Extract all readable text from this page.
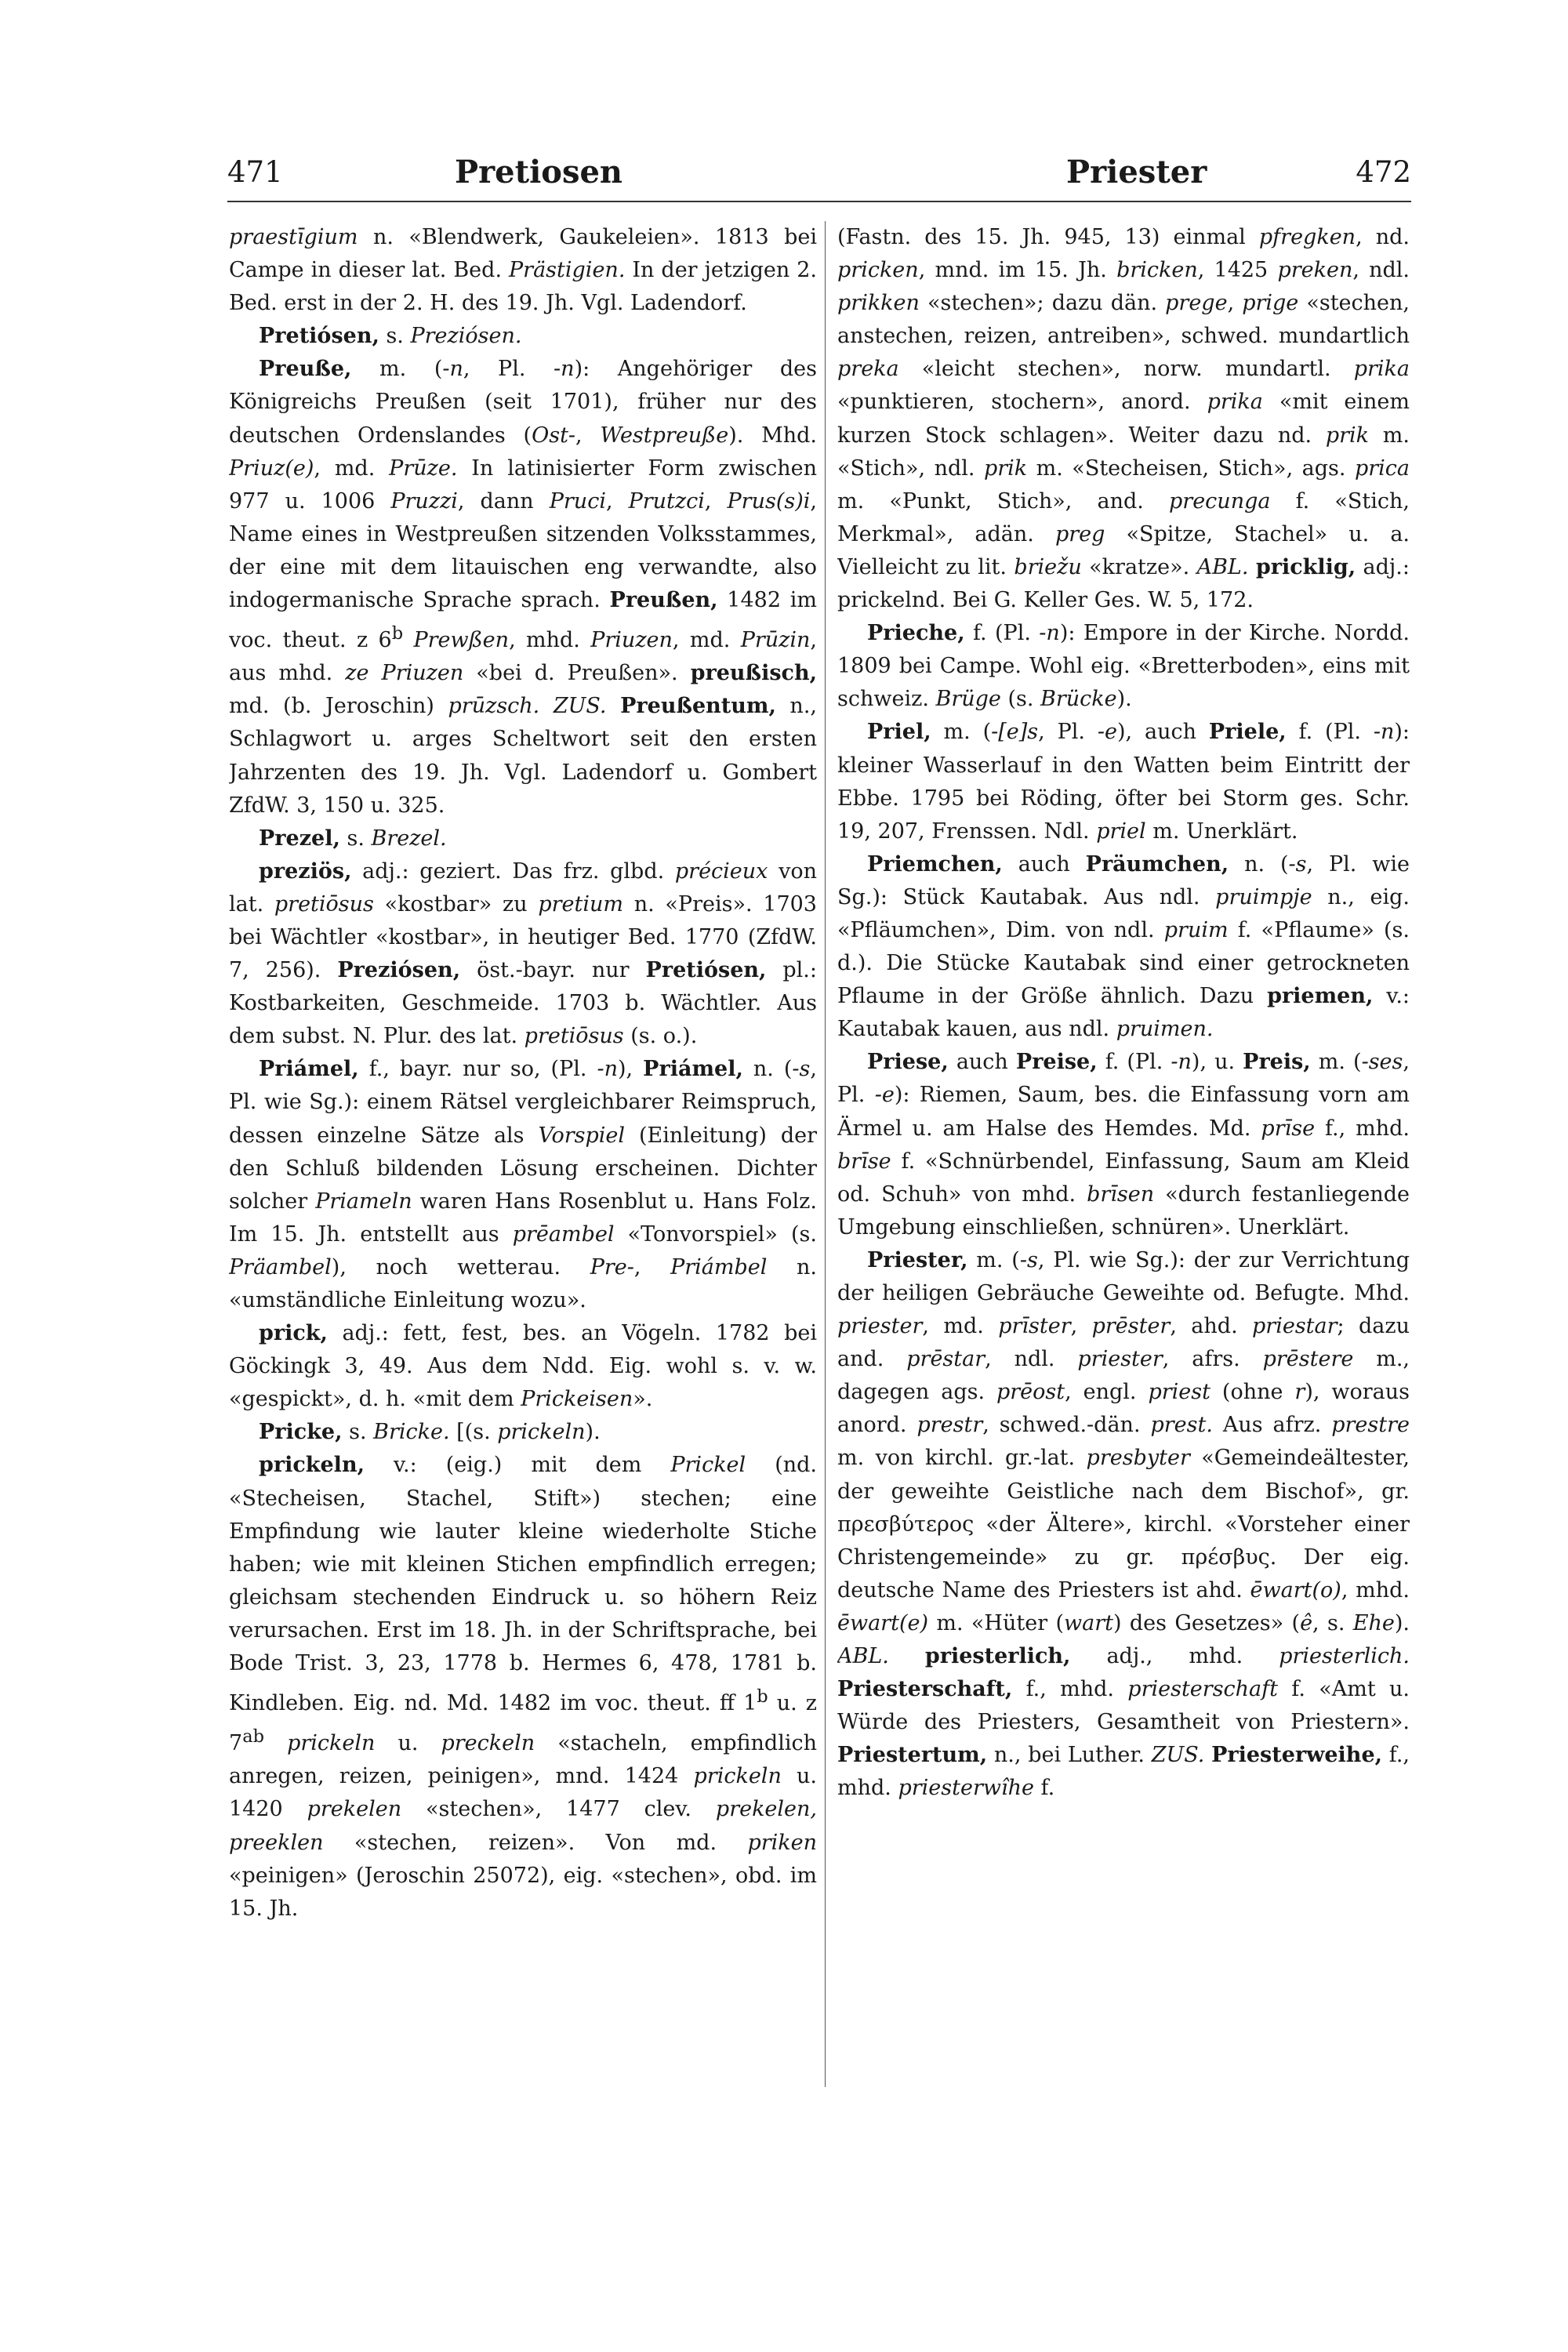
471	Pretiosen	Priester	472

praestīgium n. «Blendwerk, Gaukeleien». 1813 bei Campe in dieser lat. Bed. Prästigien. In der jetzigen 2. Bed. erst in der 2. H. des 19. Jh. Vgl. Ladendorf.

Pretiósen, s. Preziósen.

Preuße, m. (-n, Pl. -n): Angehöriger des Königreichs Preußen (seit 1701), früher nur des deutschen Ordenslandes (Ost-, Westpreuße). Mhd. Priuz(e), md. Prūze. In latinisierter Form zwischen 977 u. 1006 Pruzzi, dann Pruci, Prutzci, Prus(s)i, Name eines in Westpreußen sitzenden Volksstammes, der eine mit dem litauischen eng verwandte, also indogermanische Sprache sprach. Preußen, 1482 im voc. theut. z 6$^b$ Prewßen, mhd. Priuzen, md. Prūzin, aus mhd. ze Priuzen «bei d. Preußen». preußisch, md. (b. Jeroschin) prūzsch. ZUS. Preußentum, n., Schlagwort u. arges Scheltwort seit den ersten Jahrzenten des 19. Jh. Vgl. Ladendorf u. Gombert ZfdW. 3, 150 u. 325.

Prezel, s. Brezel.

preziös, adj.: geziert. Das frz. glbd. précieux von lat. pretiōsus «kostbar» zu pretium n. «Preis». 1703 bei Wächtler «kostbar», in heutiger Bed. 1770 (ZfdW. 7, 256). Preziósen, öst.-bayr. nur Pretiósen, pl.: Kostbarkeiten, Geschmeide. 1703 b. Wächtler. Aus dem subst. N. Plur. des lat. pretiōsus (s. o.).

Priámel, f., bayr. nur so, (Pl. -n), Priámel, n. (-s, Pl. wie Sg.): einem Rätsel vergleichbarer Reimspruch, dessen einzelne Sätze als Vorspiel (Einleitung) der den Schluß bildenden Lösung erscheinen. Dichter solcher Priameln waren Hans Rosenblut u. Hans Folz. Im 15. Jh. entstellt aus prēambel «Tonvorspiel» (s. Präambel), noch wetterau. Pre-, Priámbel n. «umständliche Einleitung wozu».

prick, adj.: fett, fest, bes. an Vögeln. 1782 bei Göckingk 3, 49. Aus dem Ndd. Eig. wohl s. v. w. «gespickt», d. h. «mit dem Prickeisen».

Pricke, s. Bricke. [(s. prickeln).

prickeln, v.: (eig.) mit dem Prickel (nd. «Stecheisen, Stachel, Stift») stechen; eine Empfindung wie lauter kleine wiederholte Stiche haben; wie mit kleinen Stichen empfindlich erregen; gleichsam stechenden Eindruck u. so höhern Reiz verursachen. Erst im 18. Jh. in der Schriftsprache, bei Bode Trist. 3, 23, 1778 b. Hermes 6, 478, 1781 b. Kindleben. Eig. nd. Md. 1482 im voc. theut. ff 1$^b$ u. z $7^{ab}$ prickeln u. preckeln «stacheln, empfindlich anregen, reizen, peinigen», mnd. 1424 prickeln u. 1420 prekelen «stechen», 1477 clev. prekelen, preeklen «stechen, reizen». Von md. priken «peinigen» (Jeroschin 25072), eig. «stechen», obd. im 15. Jh.

(Fastn. des 15. Jh. 945, 13) einmal pfregken, nd. pricken, mnd. im 15. Jh. bricken, 1425 preken, ndl. prikken «stechen»; dazu dän. prege, prige «stechen, anstechen, reizen, antreiben», schwed. mundartlich preka «leicht stechen», norw. mundartl. prika «punktieren, stochern», anord. prika «mit einem kurzen Stock schlagen». Weiter dazu nd. prik m. «Stich», ndl. prik m. «Stecheisen, Stich», ags. prica m. «Punkt, Stich», and. precunga f. «Stich, Merkmal», adän. preg «Spitze, Stachel» u. a. Vielleicht zu lit. briežu «kratze». ABL. pricklig, adj.: prickelnd. Bei G. Keller Ges. W. 5, 172.

Prieche, f. (Pl. -n): Empore in der Kirche. Nordd. 1809 bei Campe. Wohl eig. «Bretterboden», eins mit schweiz. Brüge (s. Brücke).

Priel, m. (-[e]s, Pl. -e), auch Priele, f. (Pl. -n): kleiner Wasserlauf in den Watten beim Eintritt der Ebbe. 1795 bei Röding, öfter bei Storm ges. Schr. 19, 207, Frenssen. Ndl. priel m. Unerklärt.

Priemchen, auch Präumchen, n. (-s, Pl. wie Sg.): Stück Kautabak. Aus ndl. pruimpje n., eig. «Pfläumchen», Dim. von ndl. pruim f. «Pflaume» (s. d.). Die Stücke Kautabak sind einer getrockneten Pflaume in der Größe ähnlich. Dazu priemen, v.: Kautabak kauen, aus ndl. pruimen.

Priese, auch Preise, f. (Pl. -n), u. Preis, m. (-ses, Pl. -e): Riemen, Saum, bes. die Einfassung vorn am Ärmel u. am Halse des Hemdes. Md. prīse f., mhd. brīse f. «Schnürbendel, Einfassung, Saum am Kleid od. Schuh» von mhd. brīsen «durch festanliegende Umgebung einschließen, schnüren». Unerklärt.

Priester, m. (-s, Pl. wie Sg.): der zur Verrichtung der heiligen Gebräuche Geweihte od. Befugte. Mhd. priester, md. prīster, prēster, ahd. priestar; dazu and. prēstar, ndl. priester, afrs. prēstere m., dagegen ags. prēost, engl. priest (ohne r), woraus anord. prestr, schwed.-dän. prest. Aus afrz. prestre m. von kirchl. gr.-lat. presbyter «Gemeindeältester, der geweihte Geistliche nach dem Bischof», gr. πρεσβύτερος «der Ältere», kirchl. «Vorsteher einer Christengemeinde» zu gr. πρέσβυς. Der eig. deutsche Name des Priesters ist ahd. ēwart(o), mhd. ēwart(e) m. «Hüter (wart) des Gesetzes» (ê, s. Ehe). ABL. priesterlich, adj., mhd. priesterlich. Priesterschaft, f., mhd. priesterschaft f. «Amt u. Würde des Priesters, Gesamtheit von Priestern». Priestertum, n., bei Luther. ZUS. Priesterweihe, f., mhd. priesterwîhe f.
